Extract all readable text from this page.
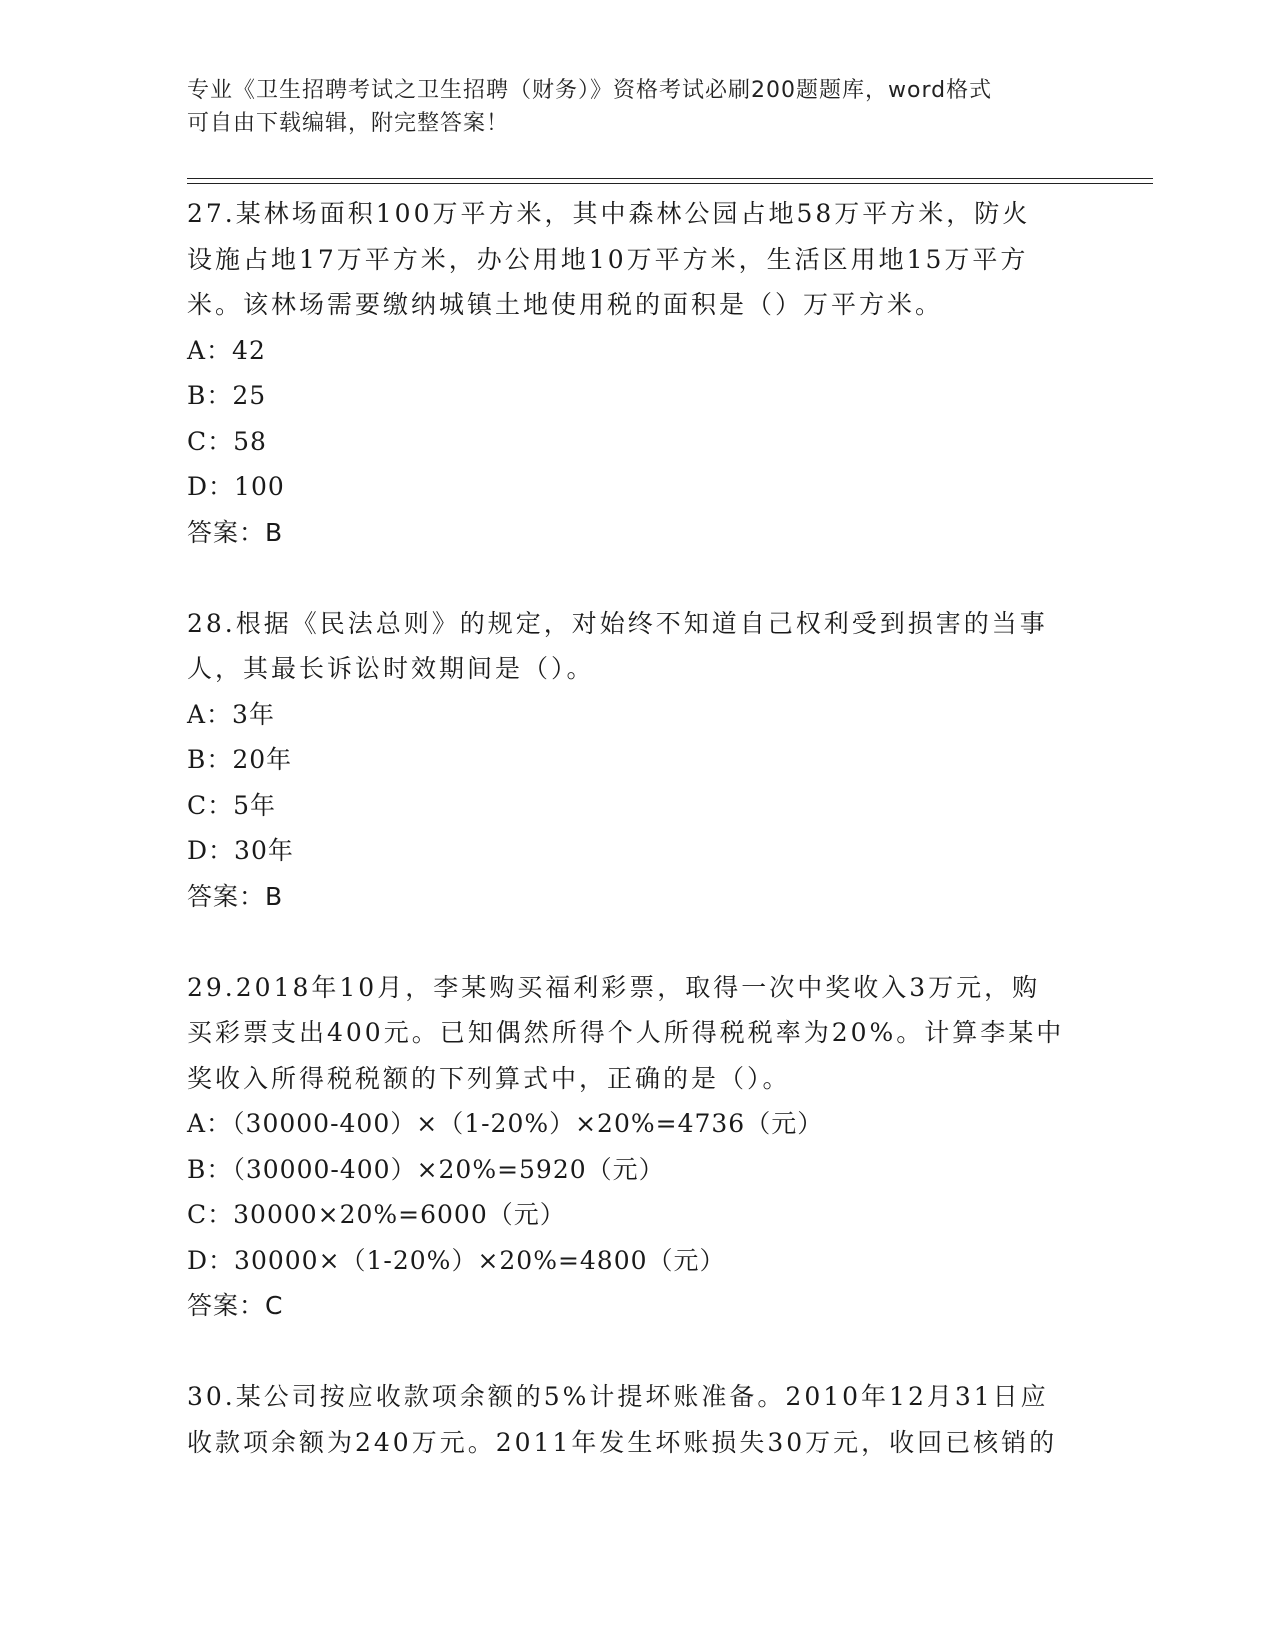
专业《卫生招聘考试之卫生招聘（财务）》资格考试必刷200题题库，word格式
可自由下载编辑，附完整答案！
27.某林场面积100万平方米，其中森林公园占地58万平方米，防火
设施占地17万平方米，办公用地10万平方米，生活区用地15万平方
米。该林场需要缴纳城镇土地使用税的面积是（）万平方米。
A：42
B：25
C：58
D：100
答案：B
28.根据《民法总则》的规定，对始终不知道自己权利受到损害的当事
人，其最长诉讼时效期间是（）。
A：3年
B：20年
C：5年
D：30年
答案：B
29.2018年10月，李某购买福利彩票，取得一次中奖收入3万元，购
买彩票支出400元。已知偶然所得个人所得税税率为20%。计算李某中
奖收入所得税税额的下列算式中，正确的是（）。
A：（30000-400）×（1-20%）×20%=4736（元）
B：（30000-400）×20%=5920（元）
C：30000×20%=6000（元）
D：30000×（1-20%）×20%=4800（元）
答案：C
30.某公司按应收款项余额的5%计提坏账准备。2010年12月31日应
收款项余额为240万元。2011年发生坏账损失30万元，收回已核销的
